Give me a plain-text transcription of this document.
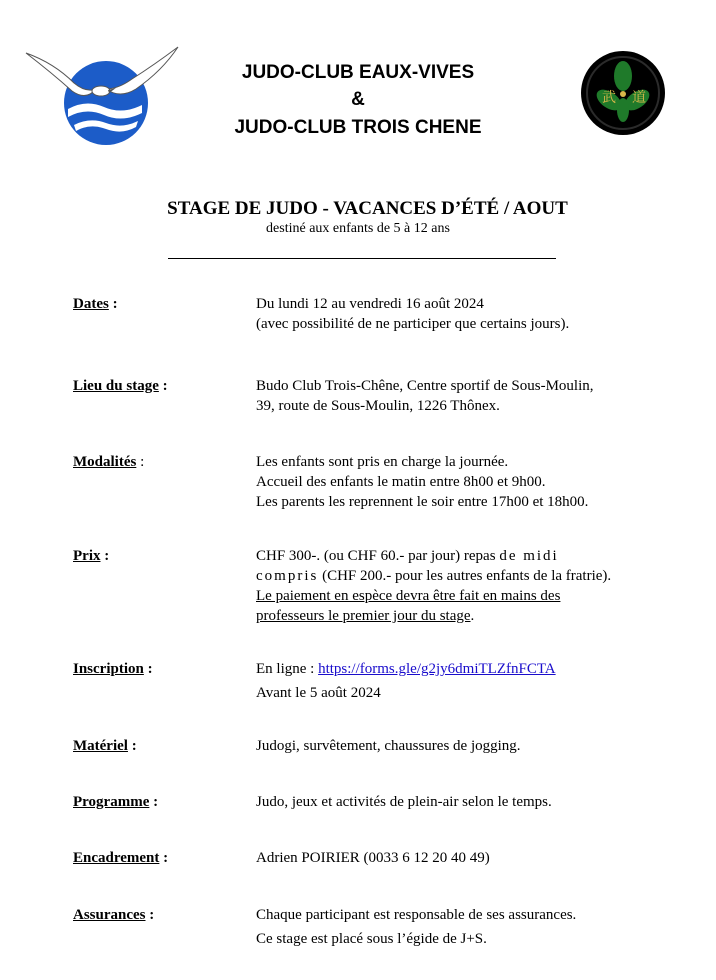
JUDO-CLUB EAUX-VIVES
&
JUDO-CLUB TROIS CHENE
武 道
STAGE DE JUDO - VACANCES D’ÉTÉ / AOUT
destiné aux enfants de 5 à 12 ans
Dates :	Du lundi 12 au vendredi 16 août 2024
(avec possibilité de ne participer que certains jours).
Lieu du stage :	Budo Club Trois-Chêne, Centre sportif de Sous-Moulin,
39, route de Sous-Moulin, 1226 Thônex.
Modalités :	Les enfants sont pris en charge la journée.
Accueil des enfants le matin entre 8h00 et 9h00.
Les parents les reprennent le soir entre 17h00 et 18h00.
Prix :	CHF 300-. (ou CHF 60.- par jour) repas de midi
compris (CHF 200.- pour les autres enfants de la fratrie).
Le paiement en espèce devra être fait en mains des
professeurs le premier jour du stage.
Inscription :	En ligne : https://forms.gle/g2jy6dmiTLZfnFCTA
Avant le 5 août 2024
Matériel :	Judogi, survêtement, chaussures de jogging.
Programme :	Judo, jeux et activités de plein-air selon le temps.
Encadrement :	Adrien POIRIER (0033 6 12 20 40 49)
Assurances :	Chaque participant est responsable de ses assurances.
Ce stage est placé sous l’égide de J+S.
